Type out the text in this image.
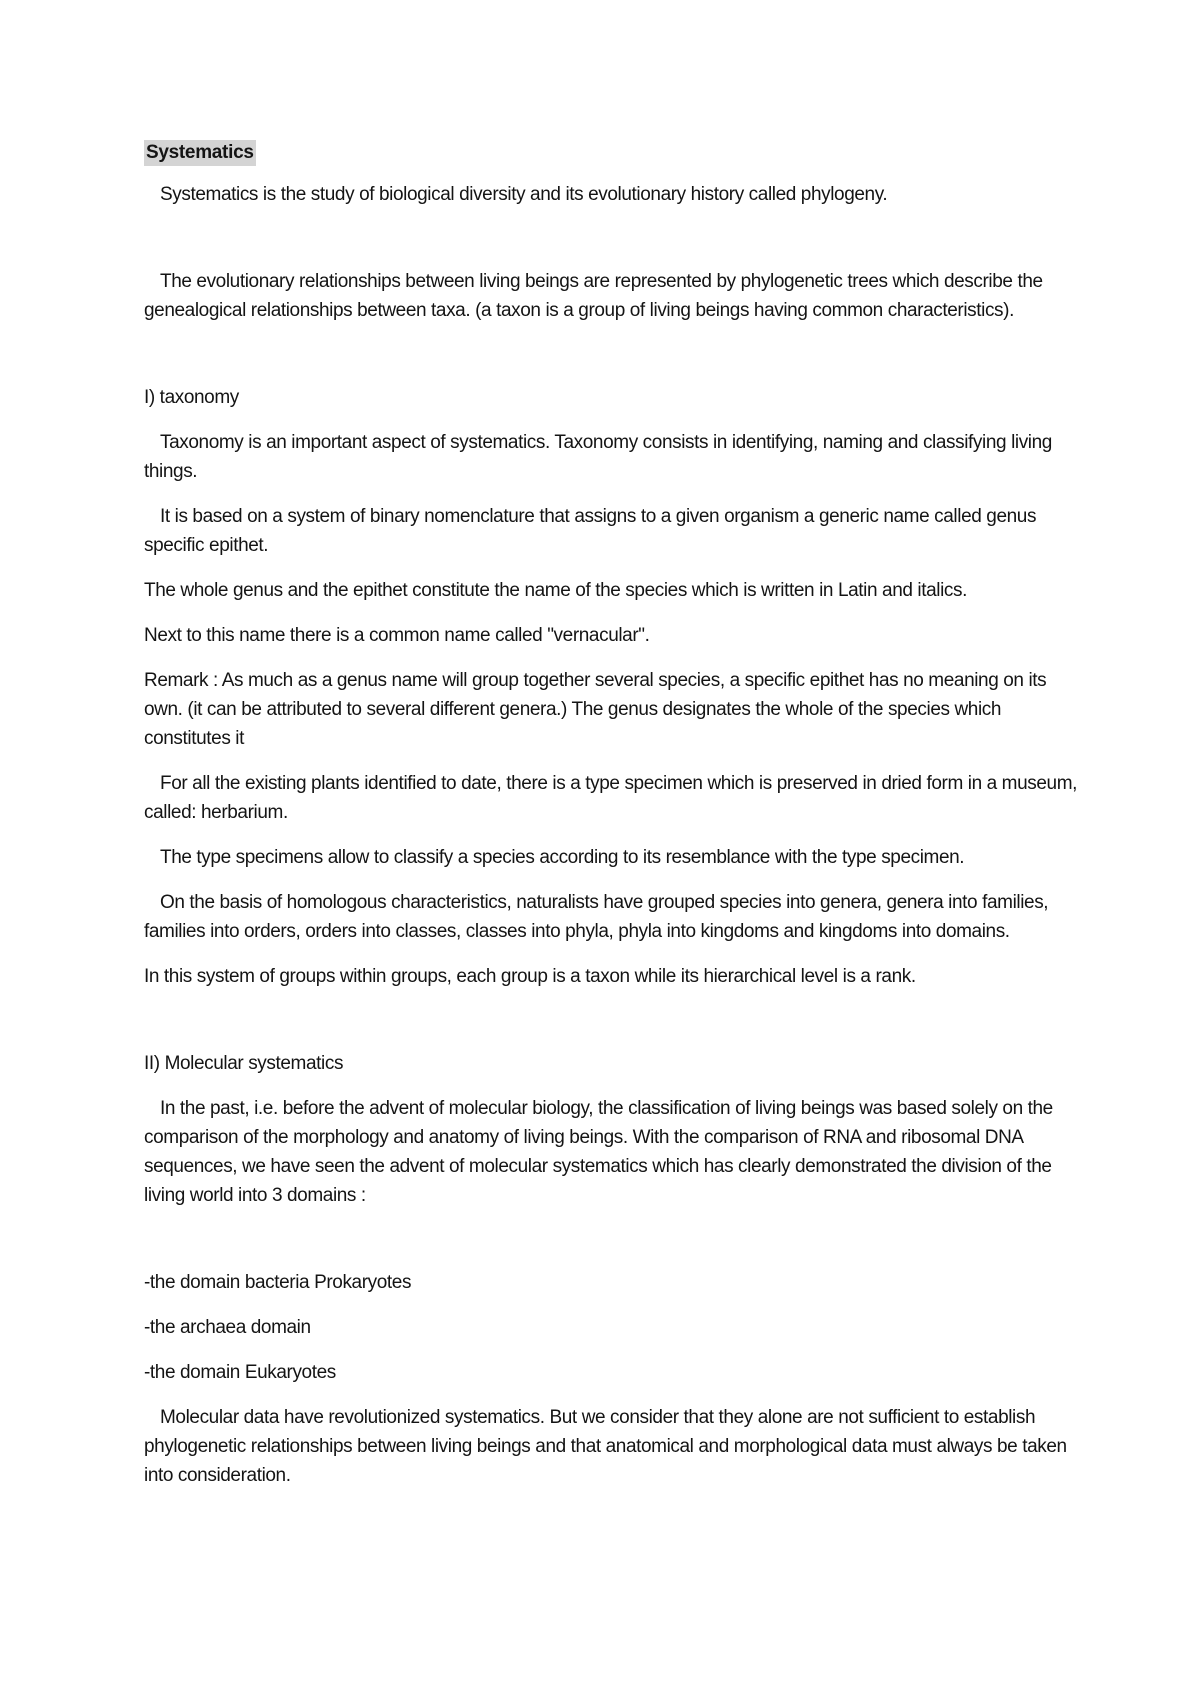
Systematics

Systematics is the study of biological diversity and its evolutionary history called phylogeny.

The evolutionary relationships between living beings are represented by phylogenetic trees which describe the genealogical relationships between taxa. (a taxon is a group of living beings having common characteristics).

I) taxonomy

Taxonomy is an important aspect of systematics. Taxonomy consists in identifying, naming and classifying living things.

It is based on a system of binary nomenclature that assigns to a given organism a generic name called genus specific epithet.

The whole genus and the epithet constitute the name of the species which is written in Latin and italics.

Next to this name there is a common name called "vernacular".

Remark : As much as a genus name will group together several species, a specific epithet has no meaning on its own. (it can be attributed to several different genera.) The genus designates the whole of the species which constitutes it

For all the existing plants identified to date, there is a type specimen which is preserved in dried form in a museum, called: herbarium.

The type specimens allow to classify a species according to its resemblance with the type specimen.

On the basis of homologous characteristics, naturalists have grouped species into genera, genera into families, families into orders, orders into classes, classes into phyla, phyla into kingdoms and kingdoms into domains.

In this system of groups within groups, each group is a taxon while its hierarchical level is a rank.

II) Molecular systematics

In the past, i.e. before the advent of molecular biology, the classification of living beings was based solely on the comparison of the morphology and anatomy of living beings. With the comparison of RNA and ribosomal DNA sequences, we have seen the advent of molecular systematics which has clearly demonstrated the division of the living world into 3 domains :

-the domain bacteria Prokaryotes

-the archaea domain

-the domain Eukaryotes

Molecular data have revolutionized systematics. But we consider that they alone are not sufficient to establish phylogenetic relationships between living beings and that anatomical and morphological data must always be taken into consideration.
